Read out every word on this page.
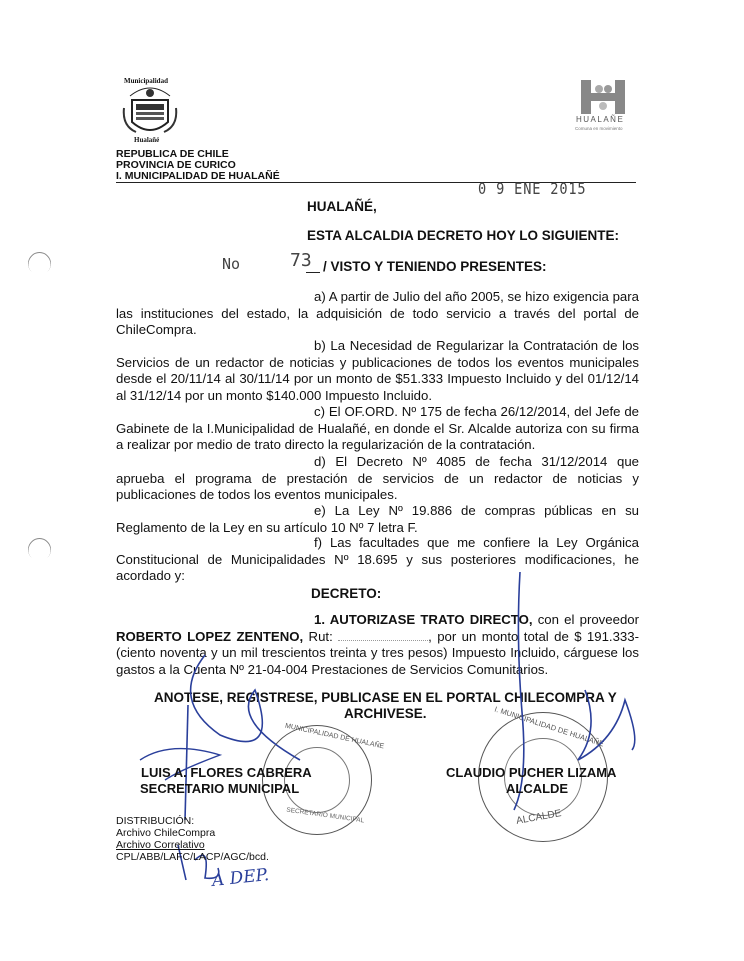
Municipalidad
Hualañé
REPUBLICA DE CHILE
PROVINCIA DE CURICO
I. MUNICIPALIDAD DE HUALAÑÉ
HUALAÑE
Comuna en movimiento
0 9 ENE 2015
HUALAÑÉ,
ESTA ALCALDIA DECRETO HOY LO SIGUIENTE:
No	73 / VISTO Y TENIENDO PRESENTES:
a) A partir de Julio del año 2005, se hizo exigencia para las instituciones del estado, la adquisición de todo servicio a través del portal de ChileCompra.
b) La Necesidad de Regularizar la Contratación de los Servicios de un redactor de noticias y publicaciones de todos los eventos municipales desde el 20/11/14 al 30/11/14 por un monto de $51.333 Impuesto Incluido y del 01/12/14 al 31/12/14 por un monto $140.000 Impuesto Incluido.
c) El OF.ORD. Nº 175 de fecha 26/12/2014, del Jefe de Gabinete de la I.Municipalidad de Hualañé, en donde el Sr. Alcalde autoriza con su firma a realizar por medio de trato directo la regularización de la contratación.
d) El Decreto Nº 4085 de fecha 31/12/2014 que aprueba el programa de prestación de servicios de un redactor de noticias y publicaciones de todos los eventos municipales.
e) La Ley Nº 19.886 de compras públicas en su Reglamento de la Ley en su artículo 10 Nº 7 letra F.
f) Las facultades que me confiere la Ley Orgánica Constitucional de Municipalidades Nº 18.695 y sus posteriores modificaciones, he acordado y:
DECRETO:
1. AUTORIZASE TRATO DIRECTO, con el proveedor ROBERTO LOPEZ ZENTENO, Rut:	, por un monto total de $ 191.333- (ciento noventa y un mil trescientos treinta y tres pesos) Impuesto Incluido, cárguese los gastos a la Cuenta Nº 21-04-004 Prestaciones de Servicios Comunitarios.
ANOTESE, REGISTRESE, PUBLICASE EN EL PORTAL CHILECOMPRA Y
ARCHIVESE.
MUNICIPALIDAD DE HUALAÑE
SECRETARIO MUNICIPAL
I. MUNICIPALIDAD DE HUALAÑE
ALCALDE
LUIS A. FLORES CABRERA
SECRETARIO MUNICIPAL
CLAUDIO PUCHER LIZAMA
ALCALDE
DISTRIBUCIÓN:
Archivo ChileCompra
Archivo Correlativo
CPL/ABB/LAFC/LACP/AGC/bcd.
A DEP.
